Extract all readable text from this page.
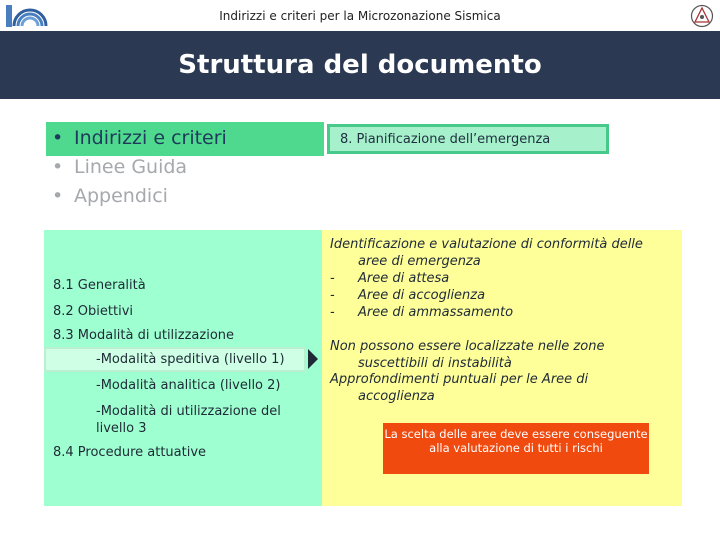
Indirizzi e criteri per la Microzonazione Sismica
Struttura del documento
• Indirizzi e criteri
• Linee Guida
• Appendici
8. Pianificazione dell’emergenza
8.1 Generalità
8.2 Obiettivi
8.3 Modalità di utilizzazione
-Modalità speditiva (livello 1)
-Modalità analitica (livello 2)
-Modalità di utilizzazione del livello 3
8.4 Procedure attuative
Identificazione e valutazione di conformità delle
aree di emergenza
-	Aree di attesa
-	Aree di accoglienza
-	Aree di ammassamento
Non possono essere localizzate nelle zone
suscettibili di instabilità
Approfondimenti puntuali per le Aree di
accoglienza
La scelta delle aree deve essere conseguente alla valutazione di tutti i rischi
